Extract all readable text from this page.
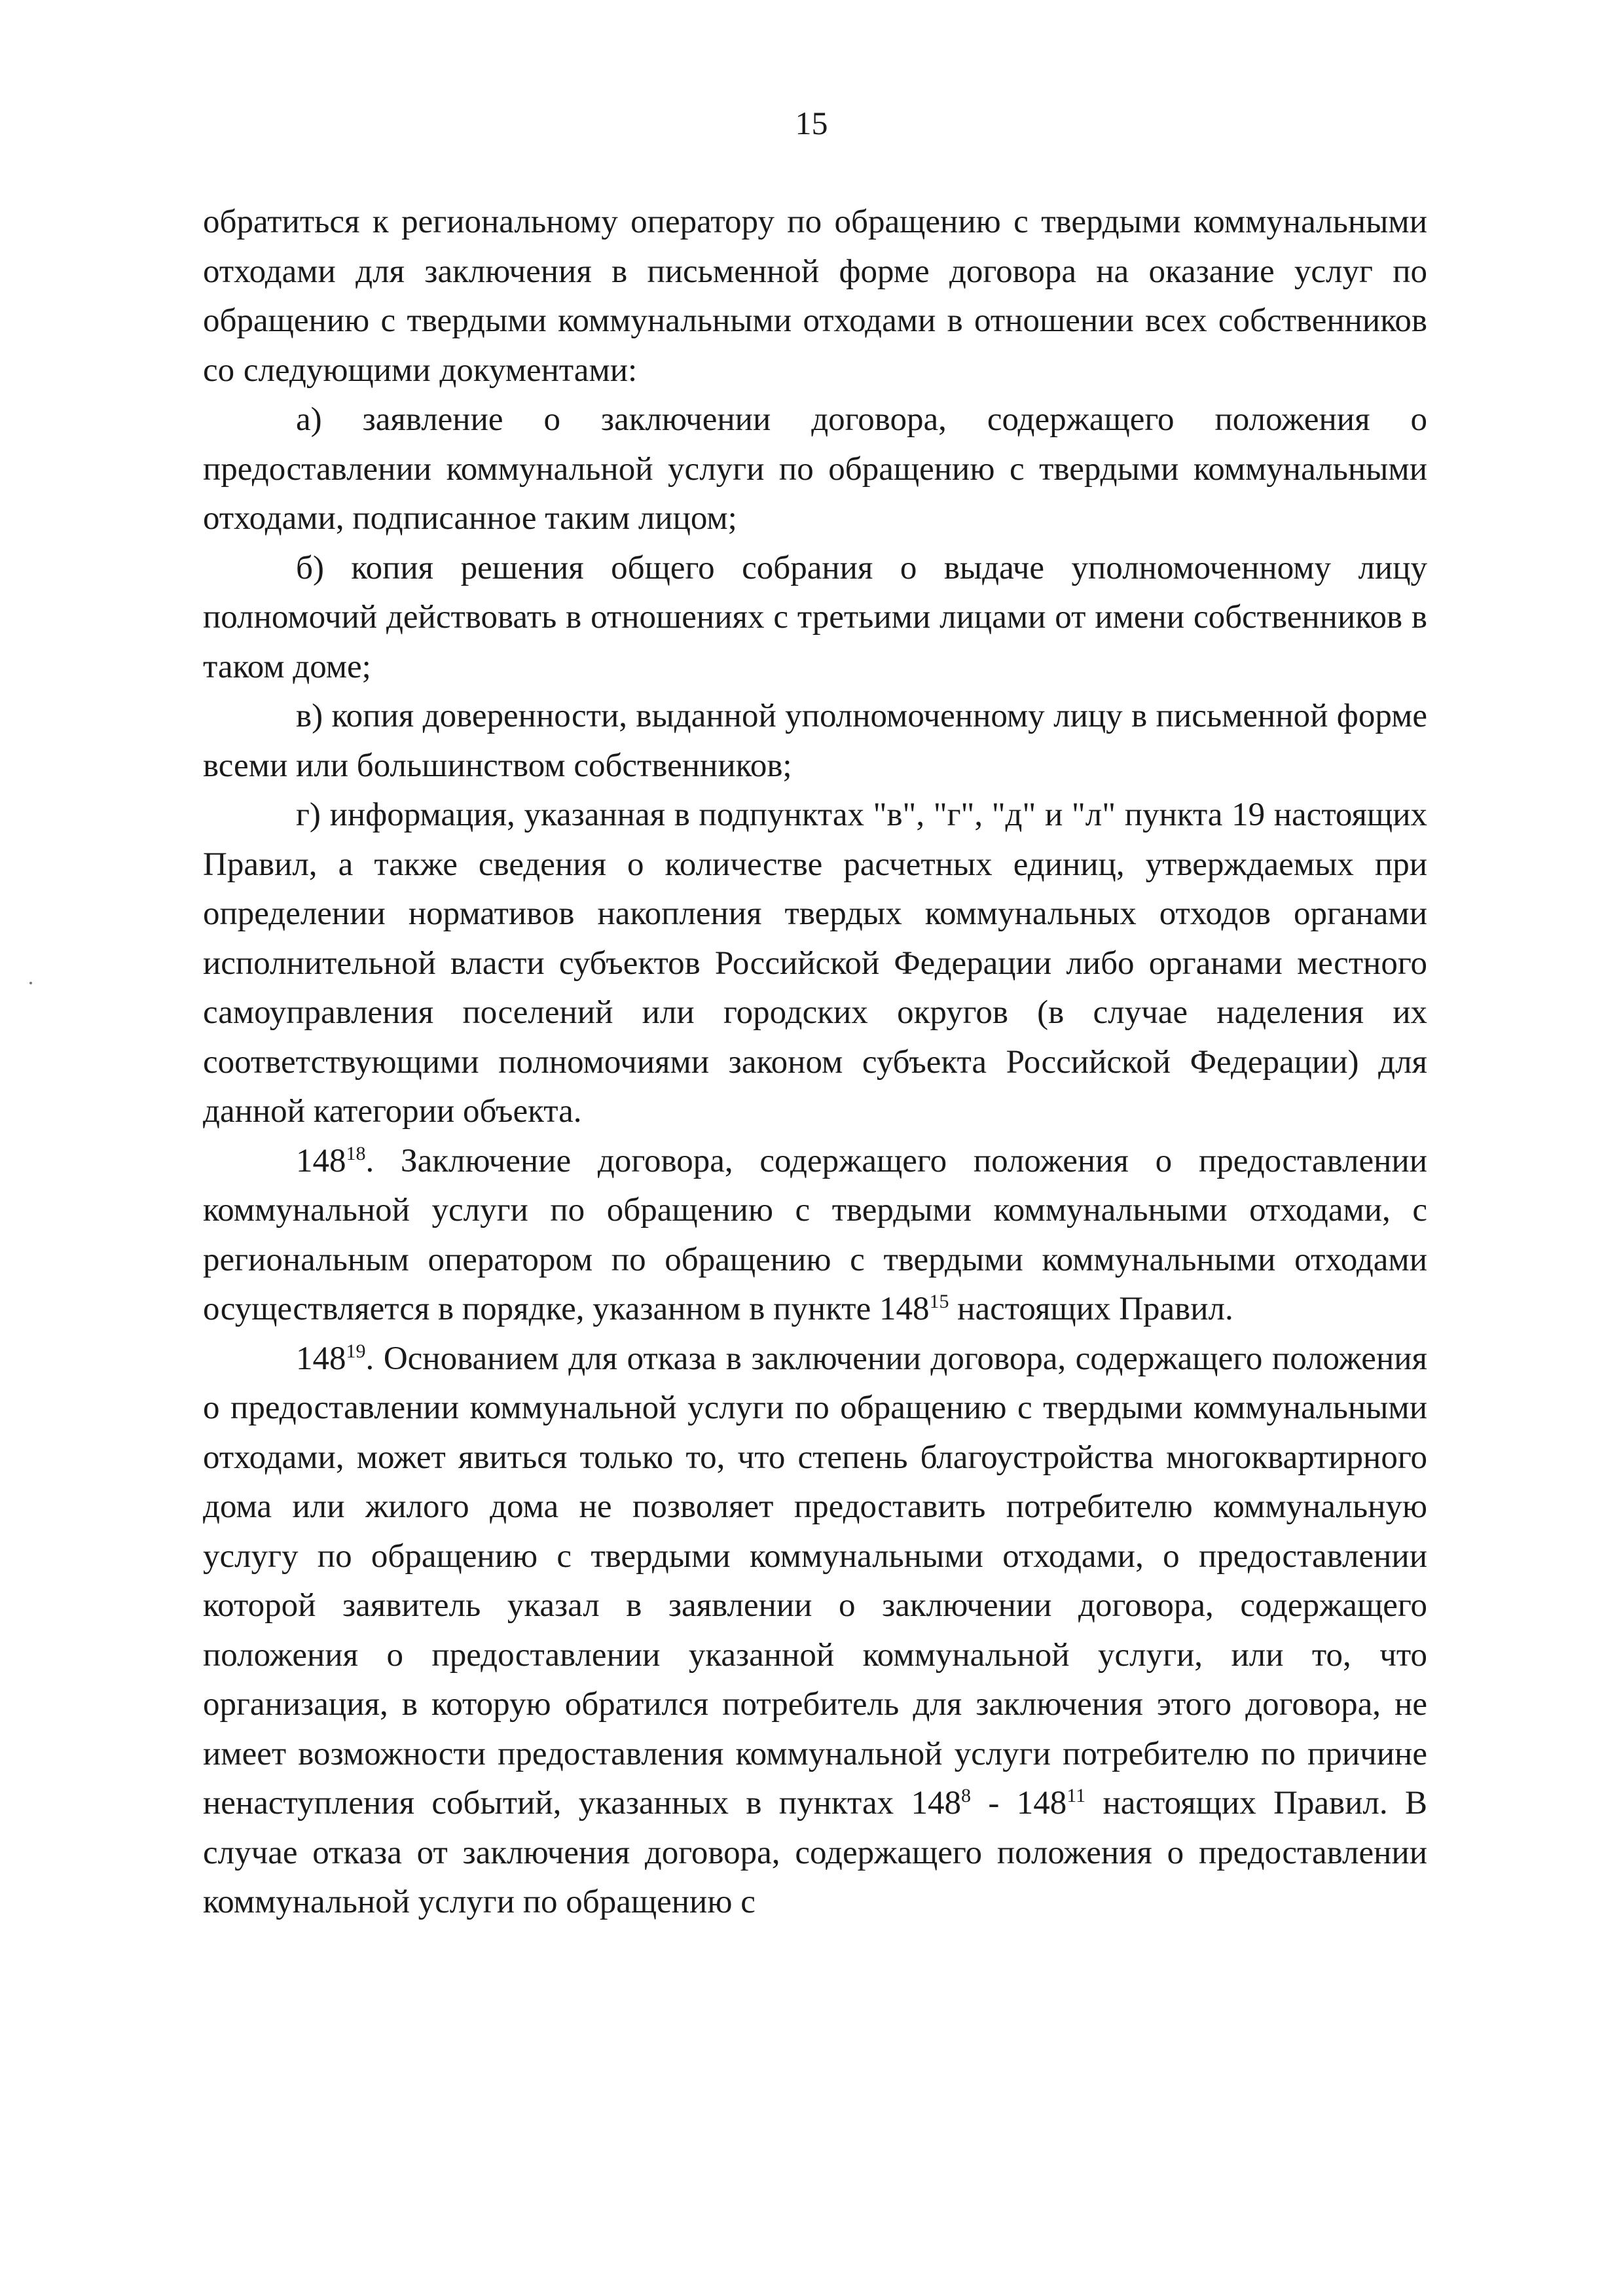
15

обратиться к региональному оператору по обращению с твердыми коммунальными отходами для заключения в письменной форме договора на оказание услуг по обращению с твердыми коммунальными отходами в отношении всех собственников со следующими документами:

а) заявление о заключении договора, содержащего положения о предоставлении коммунальной услуги по обращению с твердыми коммунальными отходами, подписанное таким лицом;

б) копия решения общего собрания о выдаче уполномоченному лицу полномочий действовать в отношениях с третьими лицами от имени собственников в таком доме;

в) копия доверенности, выданной уполномоченному лицу в письменной форме всеми или большинством собственников;

г) информация, указанная в подпунктах "в", "г", "д" и "л" пункта 19 настоящих Правил, а также сведения о количестве расчетных единиц, утверждаемых при определении нормативов накопления твердых коммунальных отходов органами исполнительной власти субъектов Российской Федерации либо органами местного самоуправления поселений или городских округов (в случае наделения их соответствующими полномочиями законом субъекта Российской Федерации) для данной категории объекта.

$148^{18}$. Заключение договора, содержащего положения о предоставлении коммунальной услуги по обращению с твердыми коммунальными отходами, с региональным оператором по обращению с твердыми коммунальными отходами осуществляется в порядке, указанном в пункте $148^{15}$ настоящих Правил.

$148^{19}$. Основанием для отказа в заключении договора, содержащего положения о предоставлении коммунальной услуги по обращению с твердыми коммунальными отходами, может явиться только то, что степень благоустройства многоквартирного дома или жилого дома не позволяет предоставить потребителю коммунальную услугу по обращению с твердыми коммунальными отходами, о предоставлении которой заявитель указал в заявлении о заключении договора, содержащего положения о предоставлении указанной коммунальной услуги, или то, что организация, в которую обратился потребитель для заключения этого договора, не имеет возможности предоставления коммунальной услуги потребителю по причине ненаступления событий, указанных в пунктах $148^8 - 148^{11}$ настоящих Правил. В случае отказа от заключения договора, содержащего положения о предоставлении коммунальной услуги по обращению с
